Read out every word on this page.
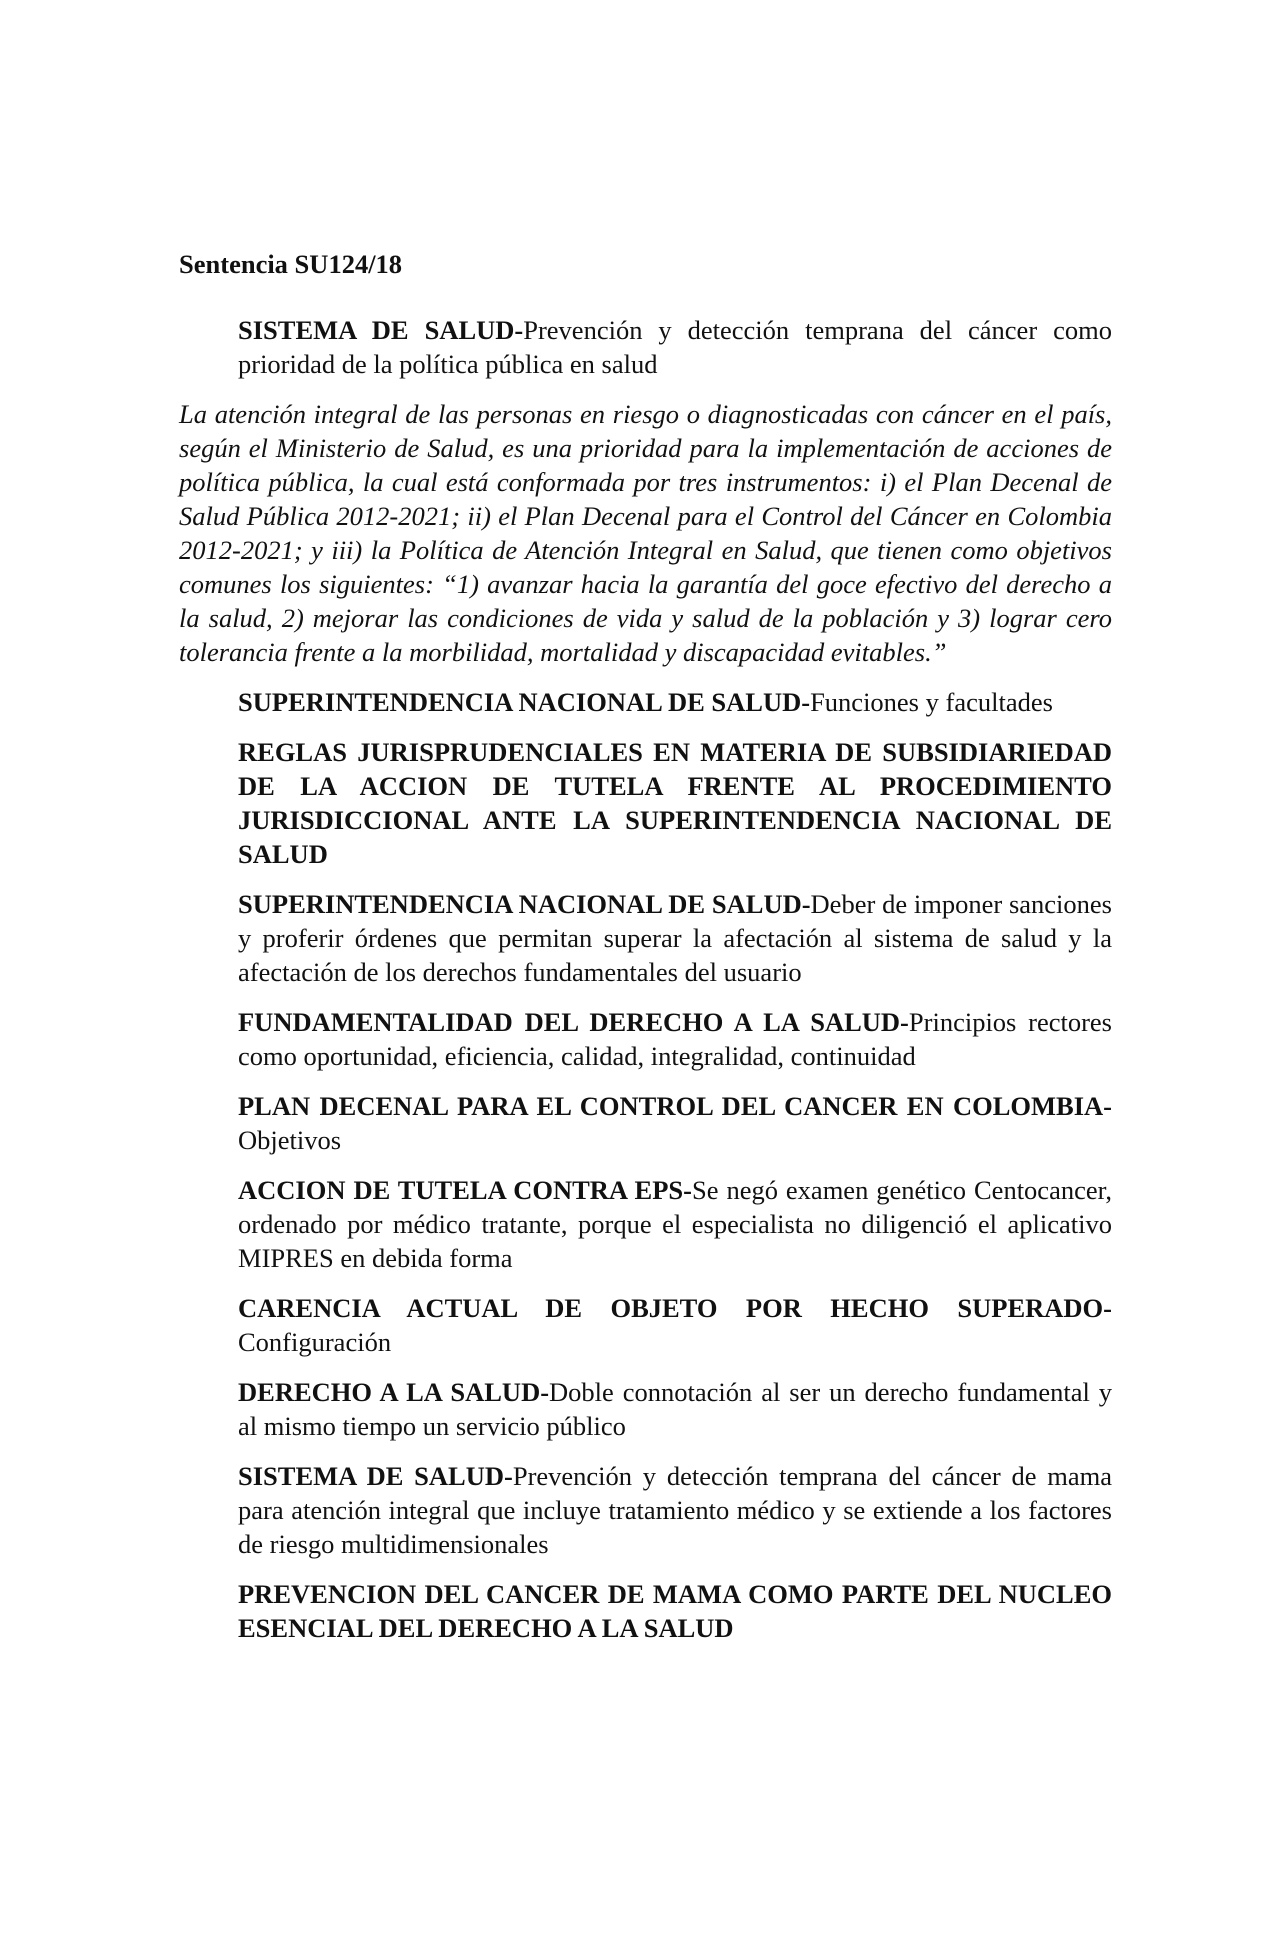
Sentencia SU124/18

SISTEMA DE SALUD-Prevención y detección temprana del cáncer como prioridad de la política pública en salud

La atención integral de las personas en riesgo o diagnosticadas con cáncer en el país, según el Ministerio de Salud, es una prioridad para la implementación de acciones de política pública, la cual está conformada por tres instrumentos: i) el Plan Decenal de Salud Pública 2012-2021; ii) el Plan Decenal para el Control del Cáncer en Colombia 2012-2021; y iii) la Política de Atención Integral en Salud, que tienen como objetivos comunes los siguientes: “1) avanzar hacia la garantía del goce efectivo del derecho a la salud, 2) mejorar las condiciones de vida y salud de la población y 3) lograr cero tolerancia frente a la morbilidad, mortalidad y discapacidad evitables.”

SUPERINTENDENCIA NACIONAL DE SALUD-Funciones y facultades

REGLAS JURISPRUDENCIALES EN MATERIA DE SUBSIDIARIEDAD DE LA ACCION DE TUTELA FRENTE AL PROCEDIMIENTO JURISDICCIONAL ANTE LA SUPERINTENDENCIA NACIONAL DE SALUD

SUPERINTENDENCIA NACIONAL DE SALUD-Deber de imponer sanciones y proferir órdenes que permitan superar la afectación al sistema de salud y la afectación de los derechos fundamentales del usuario

FUNDAMENTALIDAD DEL DERECHO A LA SALUD-Principios rectores como oportunidad, eficiencia, calidad, integralidad, continuidad

PLAN DECENAL PARA EL CONTROL DEL CANCER EN COLOMBIA-Objetivos

ACCION DE TUTELA CONTRA EPS-Se negó examen genético Centocancer, ordenado por médico tratante, porque el especialista no diligenció el aplicativo MIPRES en debida forma

CARENCIA ACTUAL DE OBJETO POR HECHO SUPERADO-Configuración

DERECHO A LA SALUD-Doble connotación al ser un derecho fundamental y al mismo tiempo un servicio público

SISTEMA DE SALUD-Prevención y detección temprana del cáncer de mama para atención integral que incluye tratamiento médico y se extiende a los factores de riesgo multidimensionales

PREVENCION DEL CANCER DE MAMA COMO PARTE DEL NUCLEO ESENCIAL DEL DERECHO A LA SALUD
